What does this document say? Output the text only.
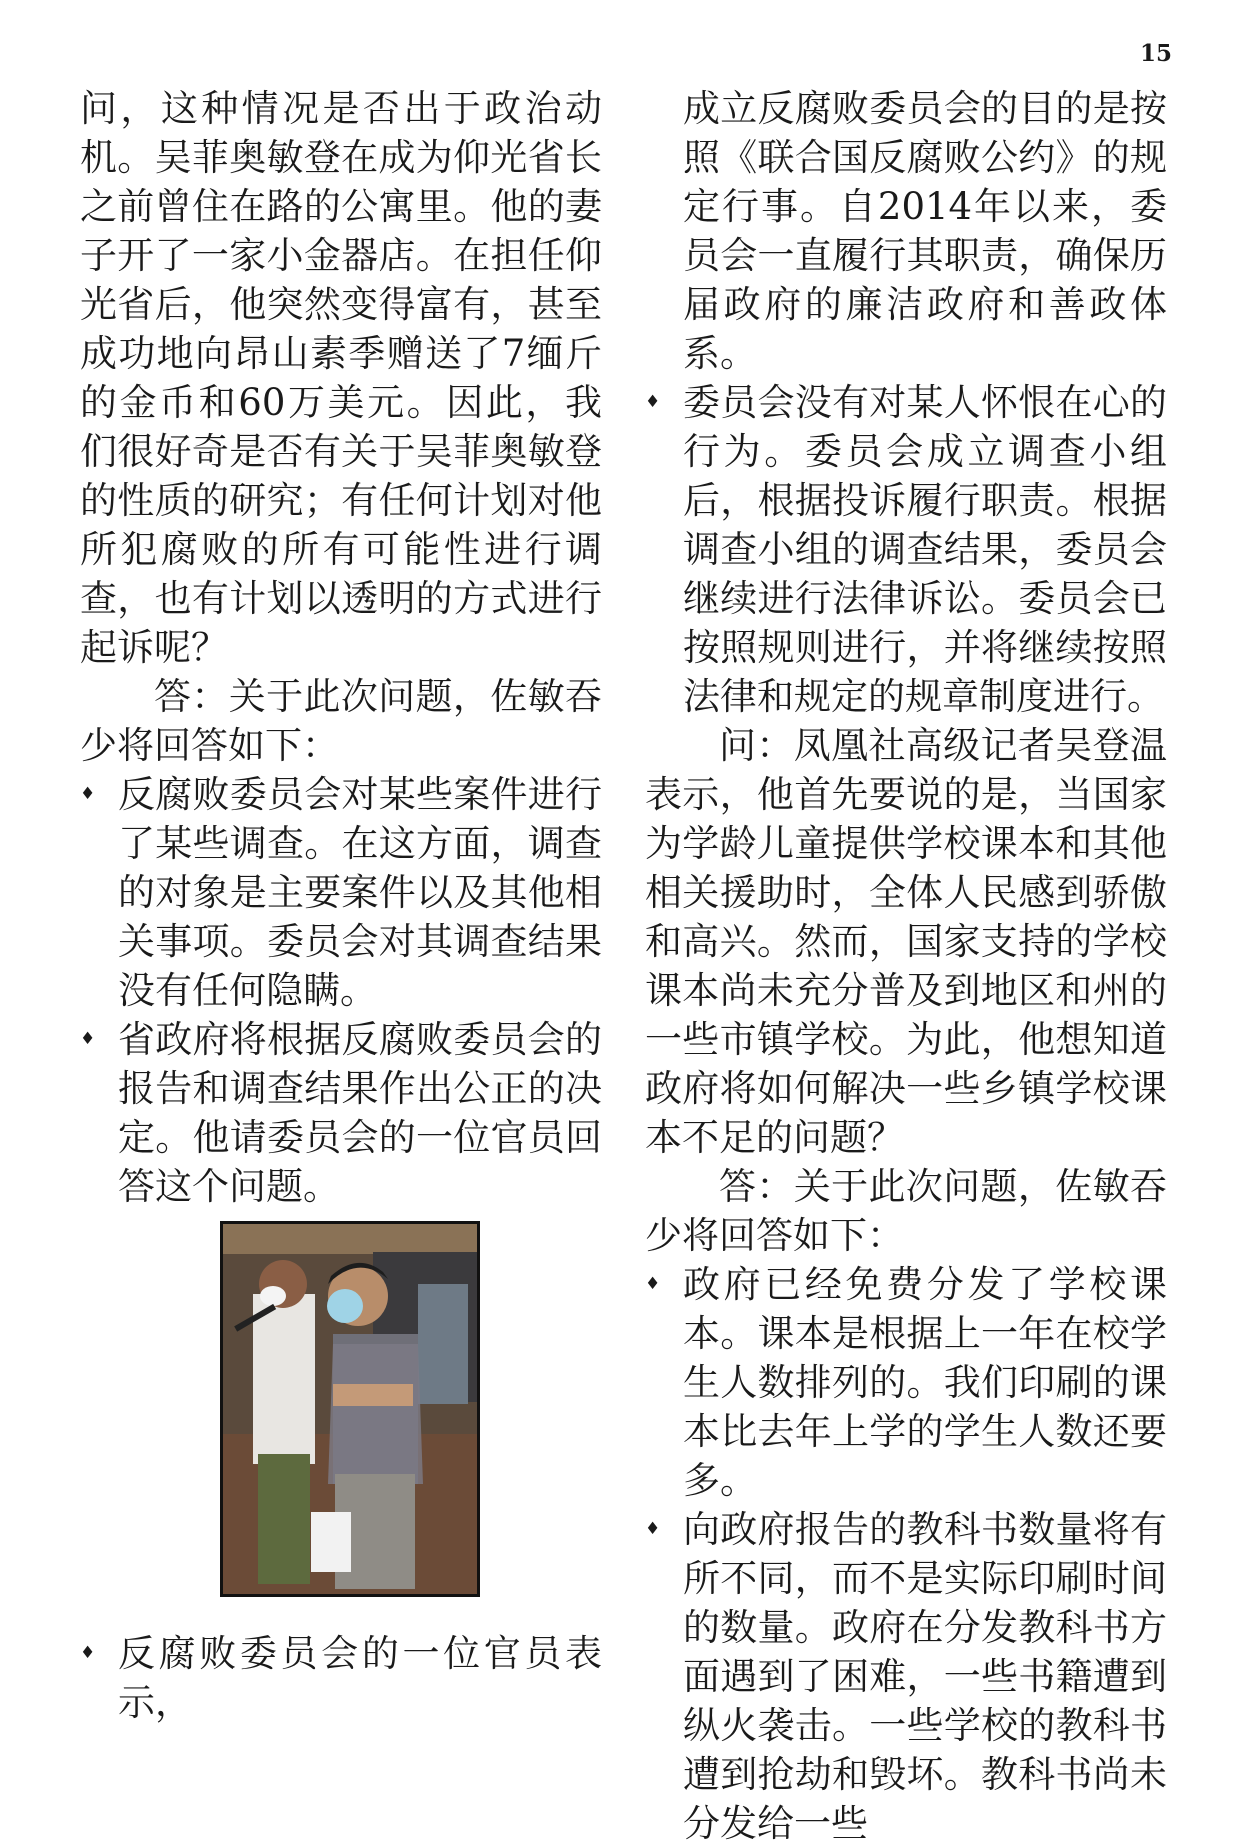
15

问，这种情况是否出于政治动机。吴菲奥敏登在成为仰光省长之前曾住在路的公寓里。他的妻子开了一家小金器店。在担任仰光省后，他突然变得富有，甚至成功地向昂山素季赠送了7缅斤的金币和60万美元。因此，我们很好奇是否有关于吴菲奥敏登的性质的研究；有任何计划对他所犯腐败的所有可能性进行调查，也有计划以透明的方式进行起诉呢？

答：关于此次问题，佐敏吞少将回答如下：

♦ 反腐败委员会对某些案件进行了某些调查。在这方面，调查的对象是主要案件以及其他相关事项。委员会对其调查结果没有任何隐瞒。
♦ 省政府将根据反腐败委员会的报告和调查结果作出公正的决定。他请委员会的一位官员回答这个问题。
♦ 反腐败委员会的一位官员表示，

成立反腐败委员会的目的是按照《联合国反腐败公约》的规定行事。自2014年以来，委员会一直履行其职责，确保历届政府的廉洁政府和善政体系。

♦ 委员会没有对某人怀恨在心的行为。委员会成立调查小组后，根据投诉履行职责。根据调查小组的调查结果，委员会继续进行法律诉讼。委员会已按照规则进行，并将继续按照法律和规定的规章制度进行。

问：凤凰社高级记者吴登温表示，他首先要说的是，当国家为学龄儿童提供学校课本和其他相关援助时，全体人民感到骄傲和高兴。然而，国家支持的学校课本尚未充分普及到地区和州的一些市镇学校。为此，他想知道政府将如何解决一些乡镇学校课本不足的问题？

答：关于此次问题，佐敏吞少将回答如下：

♦ 政府已经免费分发了学校课本。课本是根据上一年在校学生人数排列的。我们印刷的课本比去年上学的学生人数还要多。
♦ 向政府报告的教科书数量将有所不同，而不是实际印刷时间的数量。政府在分发教科书方面遇到了困难，一些书籍遭到纵火袭击。一些学校的教科书遭到抢劫和毁坏。教科书尚未分发给一些
